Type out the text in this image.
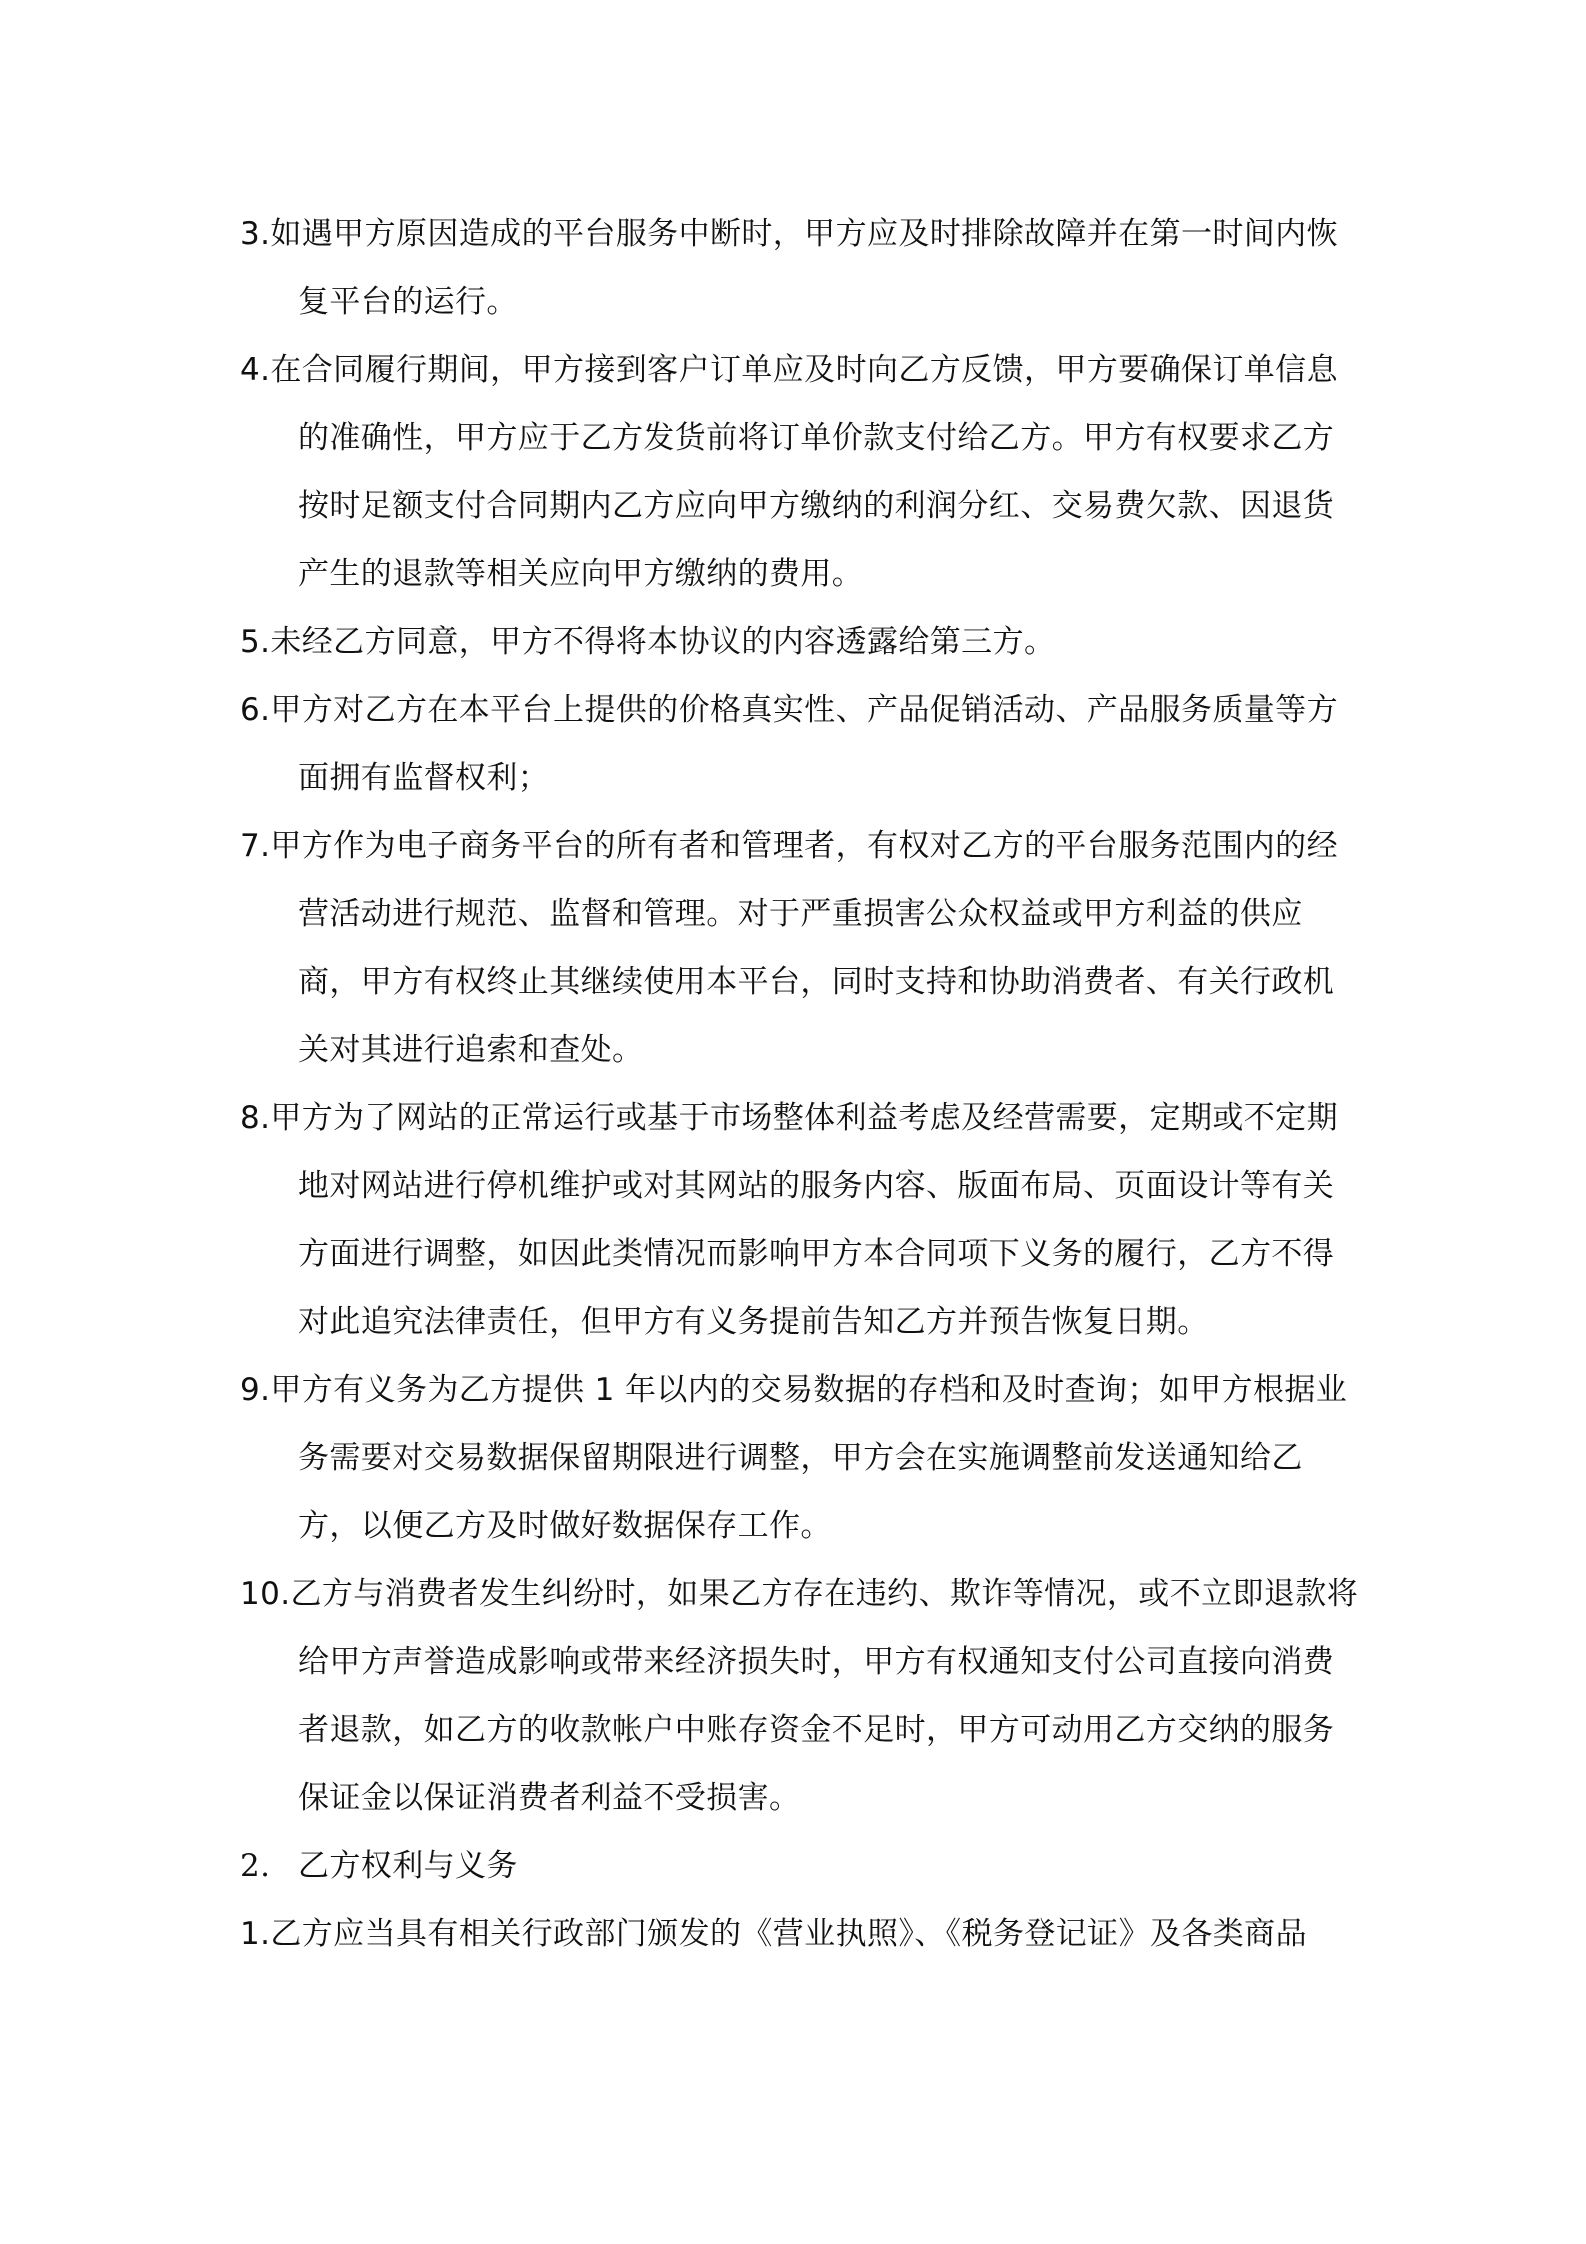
3.如遇甲方原因造成的平台服务中断时，甲方应及时排除故障并在第一时间内恢复平台的运行。

4.在合同履行期间，甲方接到客户订单应及时向乙方反馈，甲方要确保订单信息的准确性，甲方应于乙方发货前将订单价款支付给乙方。甲方有权要求乙方按时足额支付合同期内乙方应向甲方缴纳的利润分红、交易费欠款、因退货产生的退款等相关应向甲方缴纳的费用。

5.未经乙方同意，甲方不得将本协议的内容透露给第三方。

6.甲方对乙方在本平台上提供的价格真实性、产品促销活动、产品服务质量等方面拥有监督权利；

7.甲方作为电子商务平台的所有者和管理者，有权对乙方的平台服务范围内的经营活动进行规范、监督和管理。对于严重损害公众权益或甲方利益的供应商，甲方有权终止其继续使用本平台，同时支持和协助消费者、有关行政机关对其进行追索和查处。

8.甲方为了网站的正常运行或基于市场整体利益考虑及经营需要，定期或不定期地对网站进行停机维护或对其网站的服务内容、版面布局、页面设计等有关方面进行调整，如因此类情况而影响甲方本合同项下义务的履行，乙方不得对此追究法律责任，但甲方有义务提前告知乙方并预告恢复日期。

9.甲方有义务为乙方提供 1 年以内的交易数据的存档和及时查询；如甲方根据业务需要对交易数据保留期限进行调整，甲方会在实施调整前发送通知给乙方，以便乙方及时做好数据保存工作。

10.乙方与消费者发生纠纷时，如果乙方存在违约、欺诈等情况，或不立即退款将给甲方声誉造成影响或带来经济损失时，甲方有权通知支付公司直接向消费者退款，如乙方的收款帐户中账存资金不足时，甲方可动用乙方交纳的服务保证金以保证消费者利益不受损害。

2. 乙方权利与义务

1.乙方应当具有相关行政部门颁发的《营业执照》、《税务登记证》及各类商品
